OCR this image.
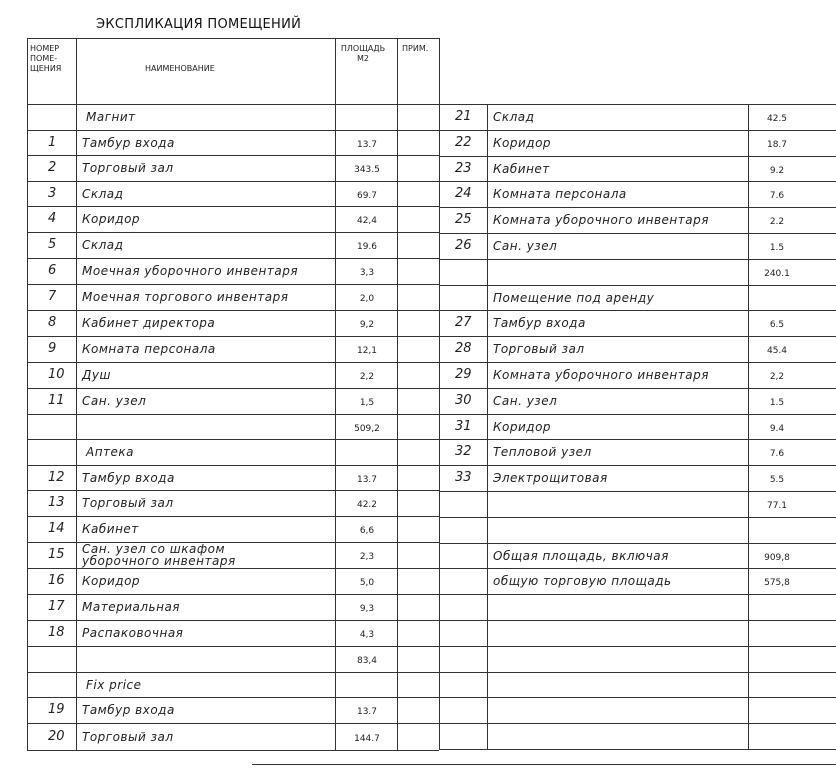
ЭКСПЛИКАЦИЯ ПОМЕЩЕНИЙ
НОМЕР ПОМЕ-ЩЕНИЯ	НАИМЕНОВАНИЕ
ПЛОЩАДЬ М2
ПРИМ.
Магнит
1 Тамбур входа	13.7
2 Торговый зал	343.5
3 Склад	69.7
4 Коридор	42,4
5 Склад	19.6
6 Моечная уборочного инвентаря	3,3
7 Моечная торгового инвентаря	2,0
8 Кабинет директора	9,2
9 Комната персонала	12,1
10 Душ	2,2
11 Сан. узел	1,5
509,2
Аптека
12 Тамбур входа	13.7
13 Торговый зал	42.2
14 Кабинет	6,6
15 Сан. узел со шкафом уборочного инвентаря	2,3
16 Коридор	5,0
17 Материальная	9,3
18 Распаковочная	4,3
83,4
Fix price
19 Тамбур входа	13.7
20 Торговый зал	144.7
21 Склад	42.5
22 Коридор	18.7
23 Кабинет	9.2
24 Комната персонала	7.6
25 Комната уборочного инвентаря	2.2
26 Сан. узел	1.5
240.1
Помещение под аренду
27 Тамбур входа	6.5
28 Торговый зал	45.4
29 Комната уборочного инвентаря	2,2
30 Сан. узел	1.5
31 Коридор	9.4
32 Тепловой узел	7.6
33 Электрощитовая	5.5
77.1
Общая площадь, включая	909,8
общую торговую площадь	575,8
